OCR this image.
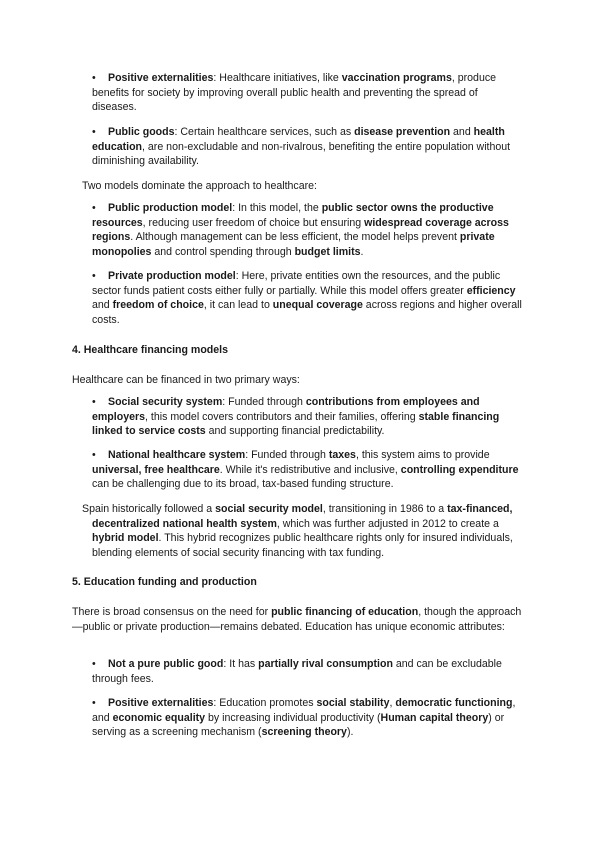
•	Positive externalities: Healthcare initiatives, like vaccination programs, produce benefits for society by improving overall public health and preventing the spread of diseases.
•	Public goods: Certain healthcare services, such as disease prevention and health education, are non-excludable and non-rivalrous, benefiting the entire population without diminishing availability.
Two models dominate the approach to healthcare:
•	Public production model: In this model, the public sector owns the productive resources, reducing user freedom of choice but ensuring widespread coverage across regions. Although management can be less efficient, the model helps prevent private monopolies and control spending through budget limits.
•	Private production model: Here, private entities own the resources, and the public sector funds patient costs either fully or partially. While this model offers greater efficiency and freedom of choice, it can lead to unequal coverage across regions and higher overall costs.
4. Healthcare financing models
Healthcare can be financed in two primary ways:
•	Social security system: Funded through contributions from employees and employers, this model covers contributors and their families, offering stable financing linked to service costs and supporting financial predictability.
•	National healthcare system: Funded through taxes, this system aims to provide universal, free healthcare. While it's redistributive and inclusive, controlling expenditure can be challenging due to its broad, tax-based funding structure.
Spain historically followed a social security model, transitioning in 1986 to a tax-financed, decentralized national health system, which was further adjusted in 2012 to create a hybrid model. This hybrid recognizes public healthcare rights only for insured individuals, blending elements of social security financing with tax funding.
5. Education funding and production
There is broad consensus on the need for public financing of education, though the approach—public or private production—remains debated. Education has unique economic attributes:
•	Not a pure public good: It has partially rival consumption and can be excludable through fees.
•	Positive externalities: Education promotes social stability, democratic functioning, and economic equality by increasing individual productivity (Human capital theory) or serving as a screening mechanism (screening theory).
